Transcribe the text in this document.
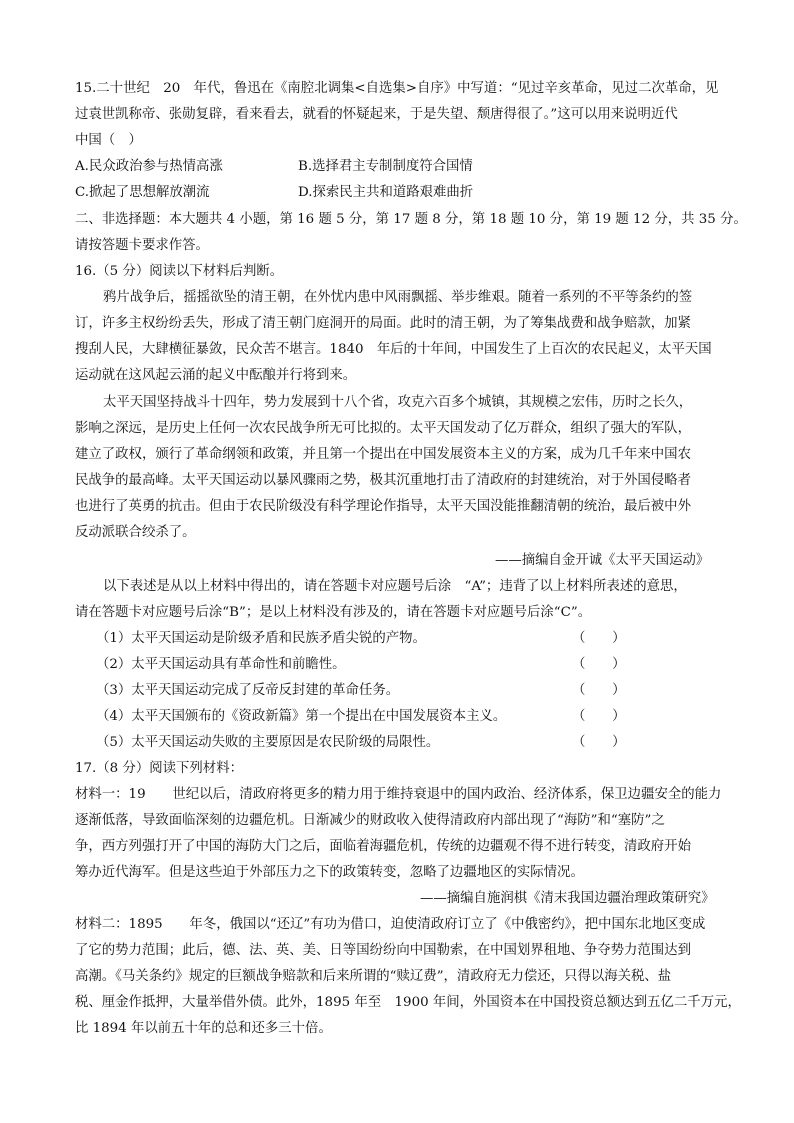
15.二十世纪　20　年代，鲁迅在《南腔北调集<自选集>自序》中写道：“见过辛亥革命，见过二次革命，见
过袁世凯称帝、张勋复辟，看来看去，就看的怀疑起来，于是失望、颓唐得很了。”这可以用来说明近代
中国（　）
A.民众政治参与热情高涨	B.选择君主专制制度符合国情
C.掀起了思想解放潮流	D.探索民主共和道路艰难曲折
二、非选择题：本大题共 4 小题，第 16 题 5 分，第 17 题 8 分，第 18 题 10 分，第 19 题 12 分，共 35 分。
请按答题卡要求作答。
16.（5 分）阅读以下材料后判断。
鸦片战争后，摇摇欲坠的清王朝，在外忧内患中风雨飘摇、举步维艰。随着一系列的不平等条约的签
订，许多主权纷纷丢失，形成了清王朝门庭洞开的局面。此时的清王朝，为了筹集战费和战争赔款，加紧
搜刮人民，大肆横征暴敛，民众苦不堪言。1840　年后的十年间，中国发生了上百次的农民起义，太平天国
运动就在这风起云涌的起义中酝酿并行将到来。
太平天国坚持战斗十四年，势力发展到十八个省，攻克六百多个城镇，其规模之宏伟，历时之长久，
影响之深远，是历史上任何一次农民战争所无可比拟的。太平天国发动了亿万群众，组织了强大的军队，
建立了政权，颁行了革命纲领和政策，并且第一个提出在中国发展资本主义的方案，成为几千年来中国农
民战争的最高峰。太平天国运动以暴风骤雨之势，极其沉重地打击了清政府的封建统治，对于外国侵略者
也进行了英勇的抗击。但由于农民阶级没有科学理论作指导，太平天国没能推翻清朝的统治，最后被中外
反动派联合绞杀了。
——摘编自金开诚《太平天国运动》
以下表述是从以上材料中得出的，请在答题卡对应题号后涂　“A”；违背了以上材料所表述的意思，
请在答题卡对应题号后涂“B”；是以上材料没有涉及的，请在答题卡对应题号后涂“C”。
（1）太平天国运动是阶级矛盾和民族矛盾尖锐的产物。	（　　）
（2）太平天国运动具有革命性和前瞻性。	（　　）
（3）太平天国运动完成了反帝反封建的革命任务。	（　　）
（4）太平天国颁布的《资政新篇》第一个提出在中国发展资本主义。	（　　）
（5）太平天国运动失败的主要原因是农民阶级的局限性。	（　　）
17.（8 分）阅读下列材料：
材料一：19　　世纪以后，清政府将更多的精力用于维持衰退中的国内政治、经济体系，保卫边疆安全的能力
逐渐低落，导致面临深刻的边疆危机。日渐减少的财政收入使得清政府内部出现了“海防”和“塞防”之
争，西方列强打开了中国的海防大门之后，面临着海疆危机，传统的边疆观不得不进行转变，清政府开始
筹办近代海军。但是这些迫于外部压力之下的政策转变，忽略了边疆地区的实际情况。
——摘编自施润棋《清末我国边疆治理政策研究》
材料二：1895　　年冬，俄国以“还辽”有功为借口，迫使清政府订立了《中俄密约》，把中国东北地区变成
了它的势力范围；此后，德、法、英、美、日等国纷纷向中国勒索，在中国划界租地、争夺势力范围达到
高潮。《马关条约》规定的巨额战争赔款和后来所谓的“赎辽费”，清政府无力偿还，只得以海关税、盐
税、厘金作抵押，大量举借外债。此外，1895 年至　1900 年间，外国资本在中国投资总额达到五亿二千万元，
比 1894 年以前五十年的总和还多三十倍。
